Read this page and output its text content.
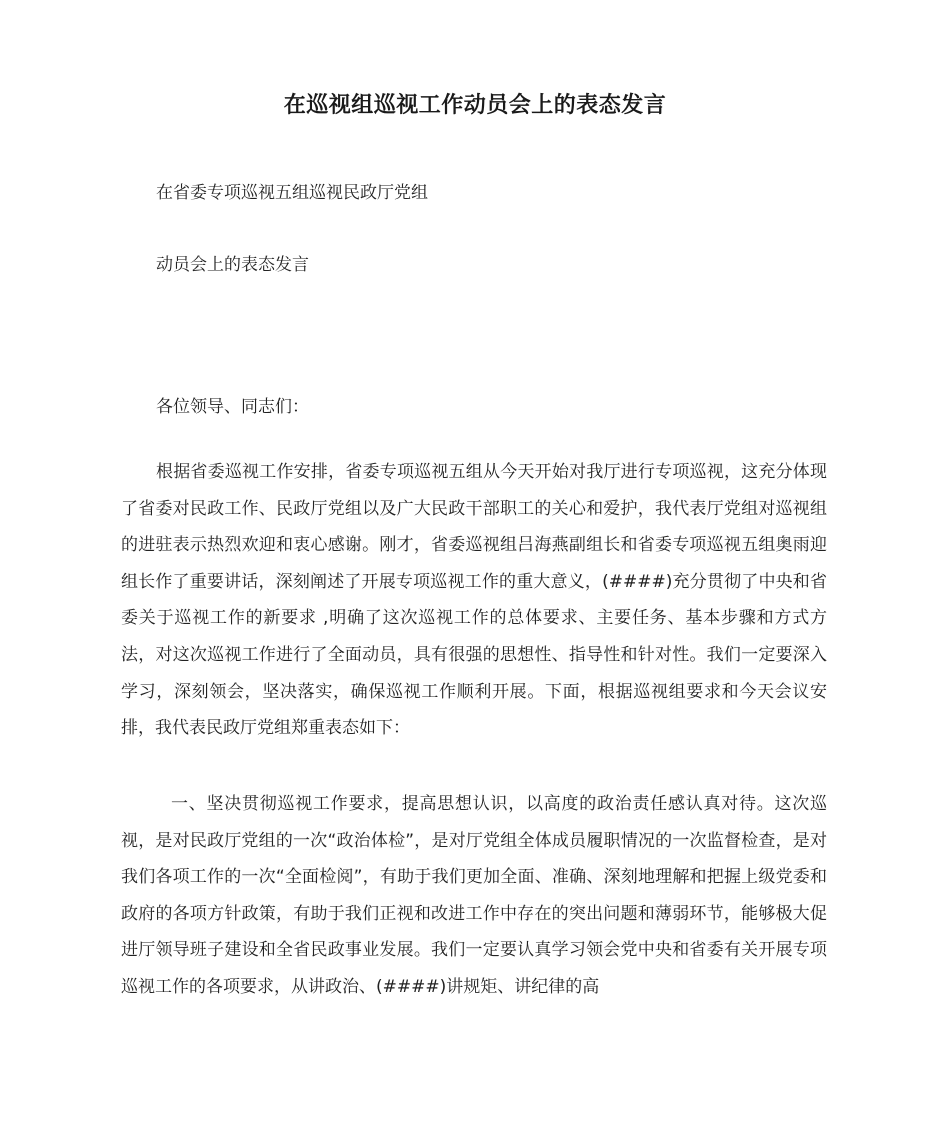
在巡视组巡视工作动员会上的表态发言
在省委专项巡视五组巡视民政厅党组
动员会上的表态发言
各位领导、同志们：

根据省委巡视工作安排，省委专项巡视五组从今天开始对我厅进行专项巡视，这充分体现了省委对民政工作、民政厅党组以及广大民政干部职工的关心和爱护，我代表厅党组对巡视组的进驻表示热烈欢迎和衷心感谢。刚才，省委巡视组吕海燕副组长和省委专项巡视五组奥雨迎组长作了重要讲话，深刻阐述了开展专项巡视工作的重大意义，(####)充分贯彻了中央和省委关于巡视工作的新要求 ,明确了这次巡视工作的总体要求、主要任务、基本步骤和方式方法，对这次巡视工作进行了全面动员，具有很强的思想性、指导性和针对性。我们一定要深入学习，深刻领会，坚决落实，确保巡视工作顺利开展。下面，根据巡视组要求和今天会议安排，我代表民政厅党组郑重表态如下：

一、坚决贯彻巡视工作要求，提高思想认识，以高度的政治责任感认真对待。这次巡视，是对民政厅党组的一次“政治体检”，是对厅党组全体成员履职情况的一次监督检查，是对我们各项工作的一次“全面检阅”，有助于我们更加全面、准确、深刻地理解和把握上级党委和政府的各项方针政策，有助于我们正视和改进工作中存在的突出问题和薄弱环节，能够极大促进厅领导班子建设和全省民政事业发展。我们一定要认真学习领会党中央和省委有关开展专项巡视工作的各项要求，从讲政治、(####)讲规矩、讲纪律的高
